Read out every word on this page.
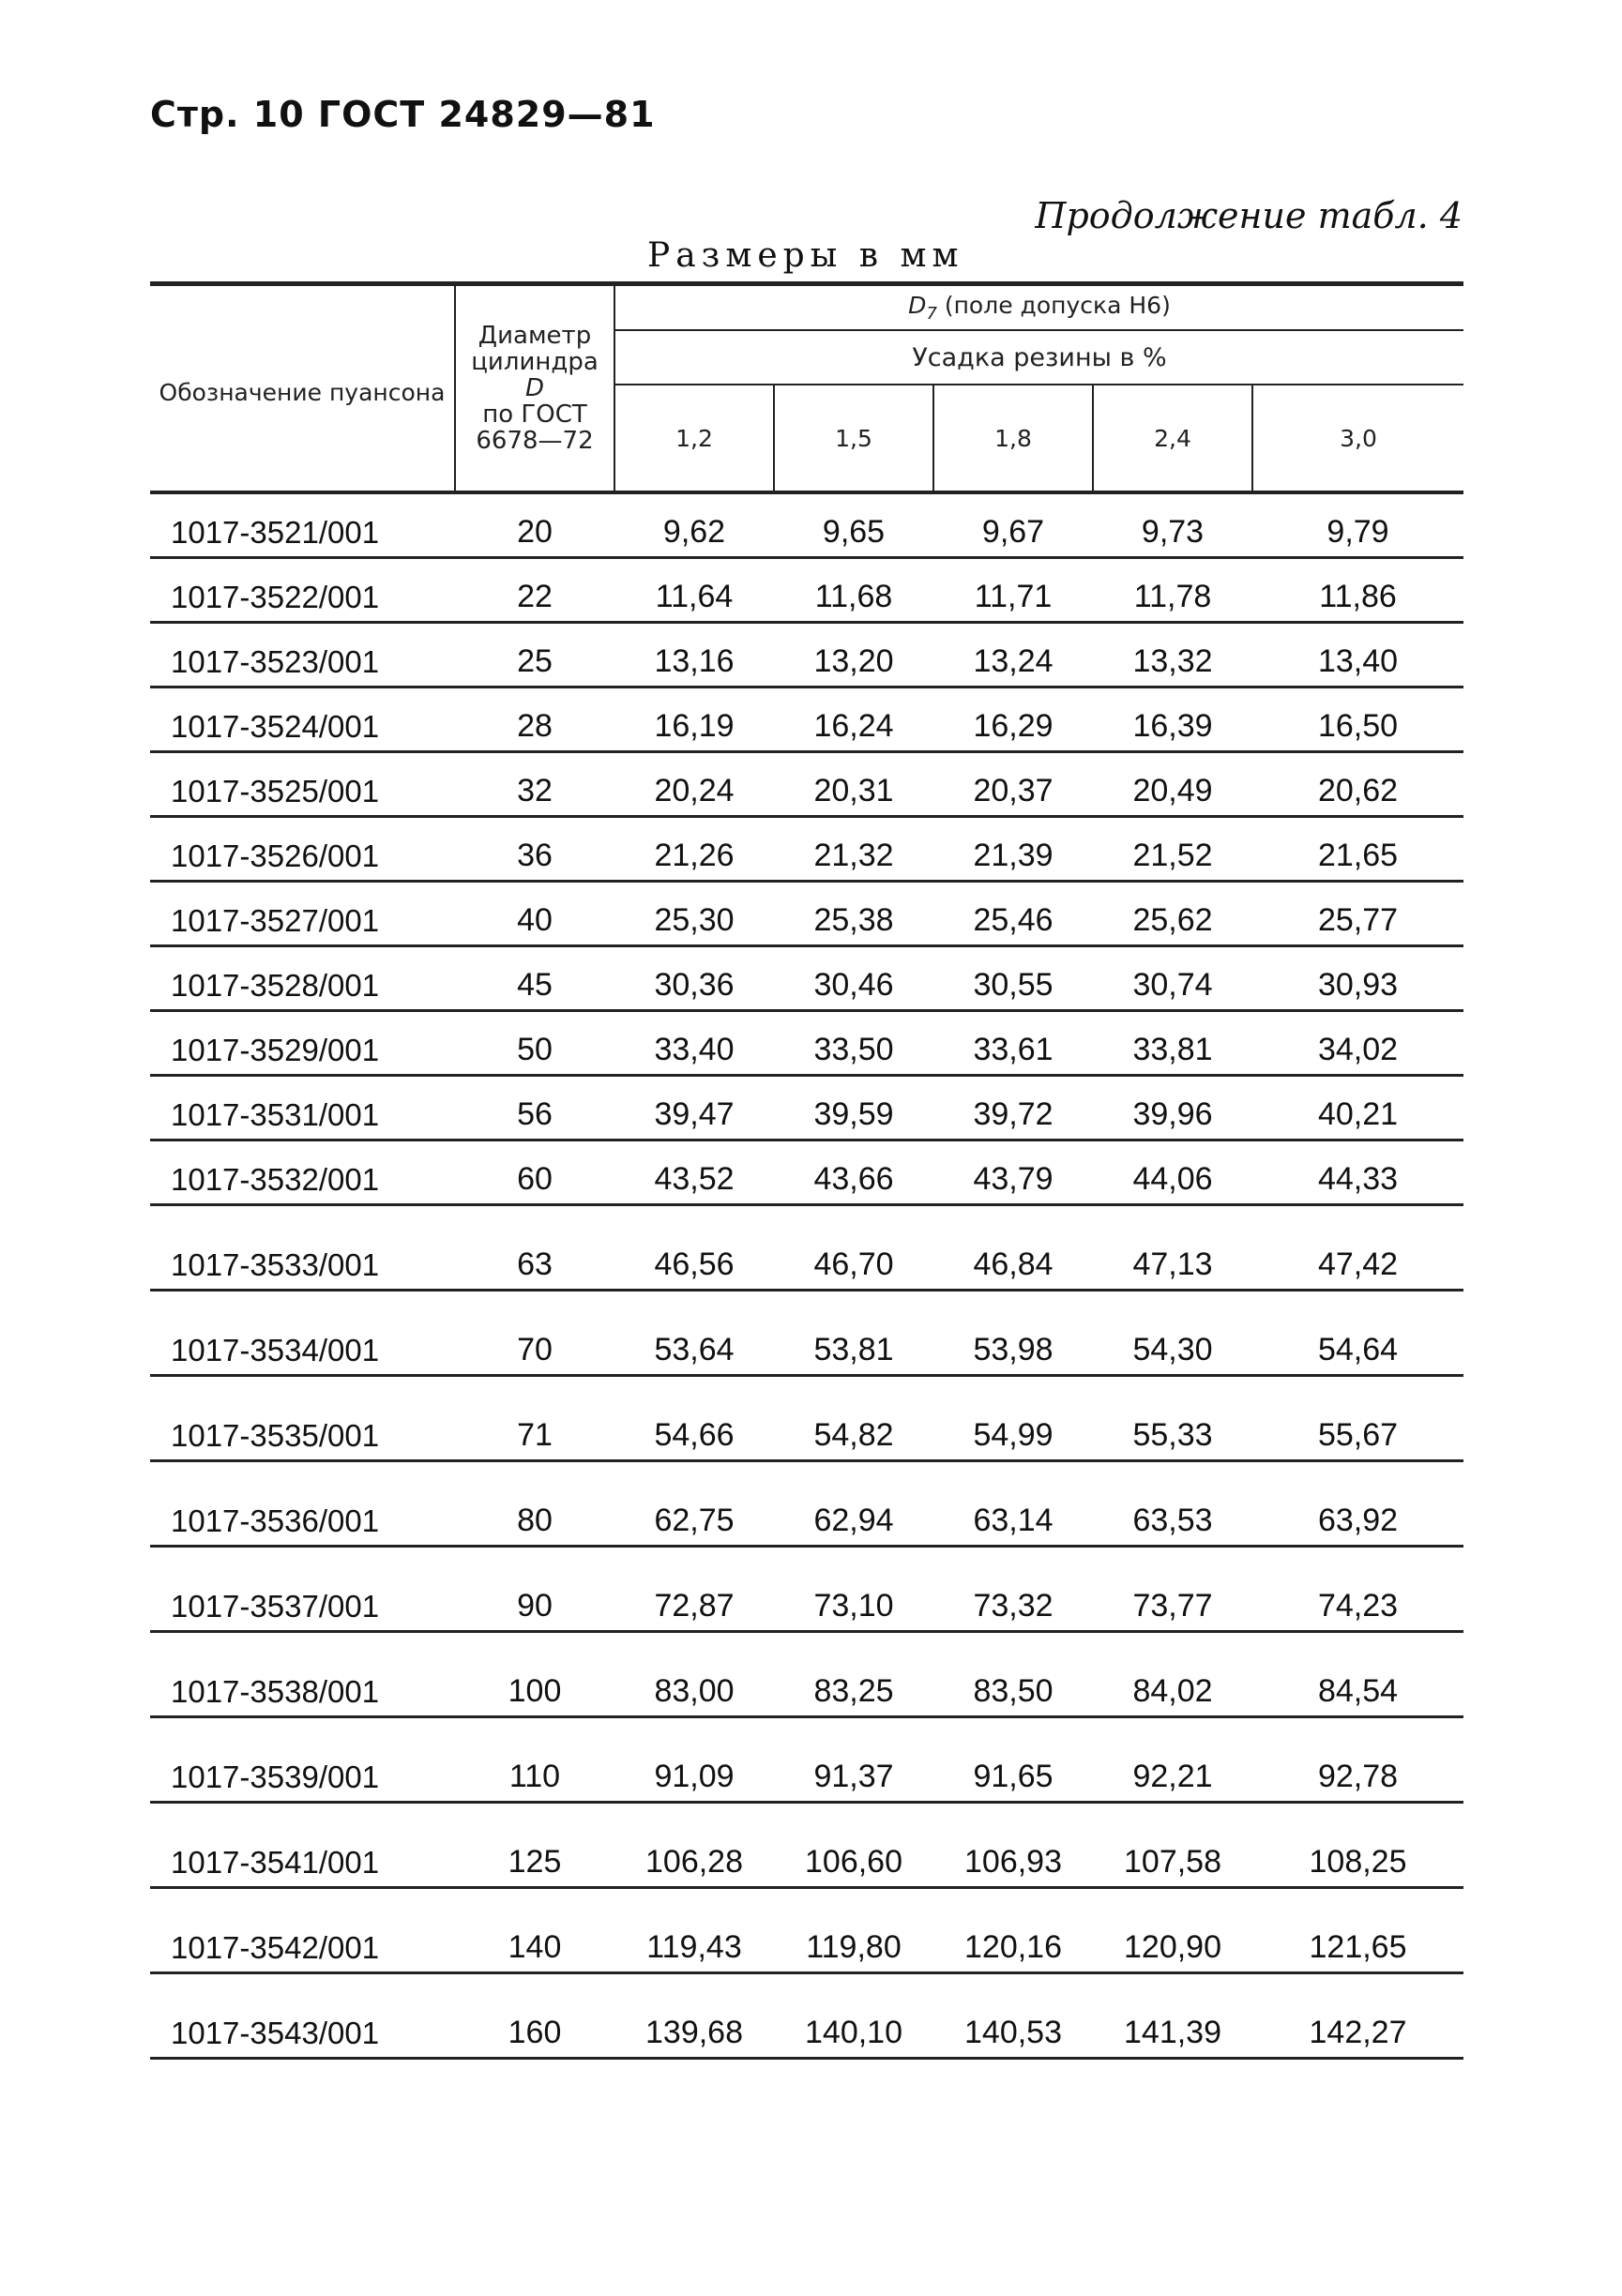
Стр. 10 ГОСТ 24829—81
Продолжение табл. 4
Размеры в мм
Обозначение пуансона	Диаметр
цилиндра
D
по ГОСТ
6678—72	$D_7$ (поле допуска Н6)				
		Усадка резины в %				
		1,2	1,5	1,8	2,4	3,0
1017-3521/001	20	9,62	9,65	9,67	9,73	9,79
1017-3522/001	22	11,64	11,68	11,71	11,78	11,86
1017-3523/001	25	13,16	13,20	13,24	13,32	13,40
1017-3524/001	28	16,19	16,24	16,29	16,39	16,50
1017-3525/001	32	20,24	20,31	20,37	20,49	20,62
1017-3526/001	36	21,26	21,32	21,39	21,52	21,65
1017-3527/001	40	25,30	25,38	25,46	25,62	25,77
1017-3528/001	45	30,36	30,46	30,55	30,74	30,93
1017-3529/001	50	33,40	33,50	33,61	33,81	34,02
1017-3531/001	56	39,47	39,59	39,72	39,96	40,21
1017-3532/001	60	43,52	43,66	43,79	44,06	44,33
1017-3533/001	63	46,56	46,70	46,84	47,13	47,42
1017-3534/001	70	53,64	53,81	53,98	54,30	54,64
1017-3535/001	71	54,66	54,82	54,99	55,33	55,67
1017-3536/001	80	62,75	62,94	63,14	63,53	63,92
1017-3537/001	90	72,87	73,10	73,32	73,77	74,23
1017-3538/001	100	83,00	83,25	83,50	84,02	84,54
1017-3539/001	110	91,09	91,37	91,65	92,21	92,78
1017-3541/001	125	106,28	106,60	106,93	107,58	108,25
1017-3542/001	140	119,43	119,80	120,16	120,90	121,65
1017-3543/001	160	139,68	140,10	140,53	141,39	142,27
